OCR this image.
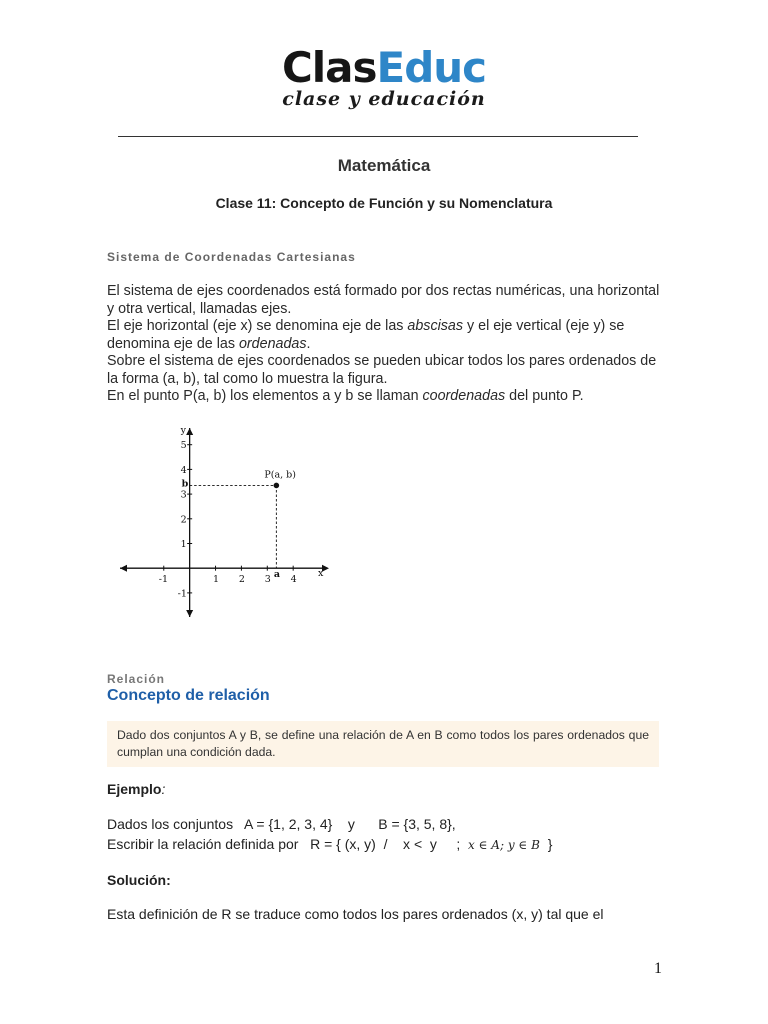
ClasEduc
clase y educación
Matemática
Clase 11: Concepto de Función y su Nomenclatura
Sistema de Coordenadas Cartesianas

El sistema de ejes coordenados está formado por dos rectas numéricas, una horizontal y otra vertical, llamadas ejes.

El eje horizontal (eje x) se denomina eje de las abscisas y el eje vertical (eje y) se denomina eje de las ordenadas.

Sobre el sistema de ejes coordenados se pueden ubicar todos los pares ordenados de la forma (a, b), tal como lo muestra la figura.

En el punto P(a, b) los elementos a y b se llaman coordenadas del punto P.

x
y
-1	1 2 3 4
-1
1
2
3
4
5
P(a, b)
b
a
Relación
Concepto de relación
Dado dos conjuntos A y B, se define una relación de A en B como todos los pares ordenados que cumplan una condición dada.
Ejemplo:
Dados los conjuntos   A = {1, 2, 3, 4}    y      B = {3, 5, 8},
Escribir la relación definida por   R = { (x, y)  /    x <  y     ;  x ∈ A; y ∈ B  }
Solución:
Esta definición de R se traduce como todos los pares ordenados (x, y) tal que el
1
